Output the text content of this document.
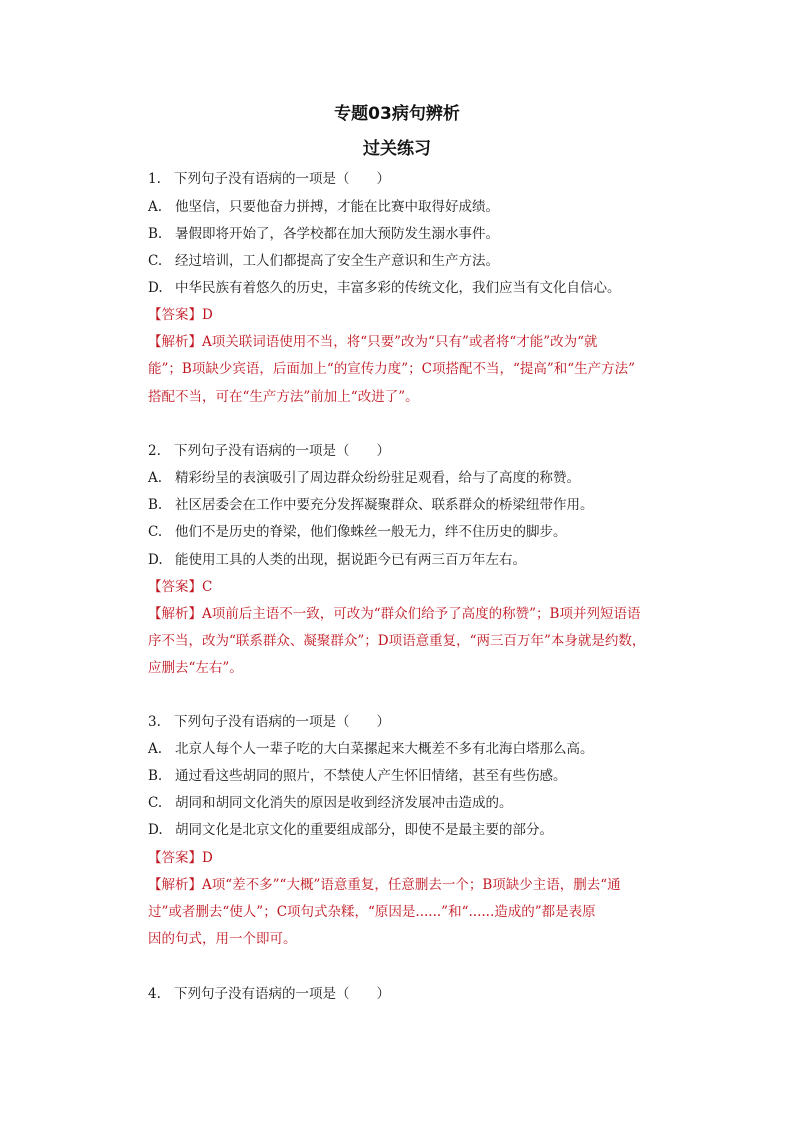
专题03病句辨析
过关练习
1. 下列句子没有语病的一项是（　　）
A. 他坚信，只要他奋力拼搏，才能在比赛中取得好成绩。
B. 暑假即将开始了，各学校都在加大预防发生溺水事件。
C. 经过培训，工人们都提高了安全生产意识和生产方法。
D. 中华民族有着悠久的历史，丰富多彩的传统文化，我们应当有文化自信心。
【答案】D
【解析】A项关联词语使用不当，将“只要”改为“只有”或者将“才能”改为“就
能”；B项缺少宾语，后面加上“的宣传力度”；C项搭配不当，“提高”和“生产方法”
搭配不当，可在“生产方法”前加上“改进了”。
2. 下列句子没有语病的一项是（　　）
A. 精彩纷呈的表演吸引了周边群众纷纷驻足观看，给与了高度的称赞。
B. 社区居委会在工作中要充分发挥凝聚群众、联系群众的桥梁纽带作用。
C. 他们不是历史的脊梁，他们像蛛丝一般无力，绊不住历史的脚步。
D. 能使用工具的人类的出现，据说距今已有两三百万年左右。
【答案】C
【解析】A项前后主语不一致，可改为“群众们给予了高度的称赞”；B项并列短语语
序不当，改为“联系群众、凝聚群众”；D项语意重复，“两三百万年”本身就是约数，
应删去“左右”。
3. 下列句子没有语病的一项是（　　）
A. 北京人每个人一辈子吃的大白菜摞起来大概差不多有北海白塔那么高。
B. 通过看这些胡同的照片，不禁使人产生怀旧情绪，甚至有些伤感。
C. 胡同和胡同文化消失的原因是收到经济发展冲击造成的。
D. 胡同文化是北京文化的重要组成部分，即使不是最主要的部分。
【答案】D
【解析】A项“差不多”“大概”语意重复，任意删去一个；B项缺少主语，删去“通
过”或者删去“使人”；C项句式杂糅，“原因是......”和“......造成的”都是表原
因的句式，用一个即可。
4. 下列句子没有语病的一项是（　　）
